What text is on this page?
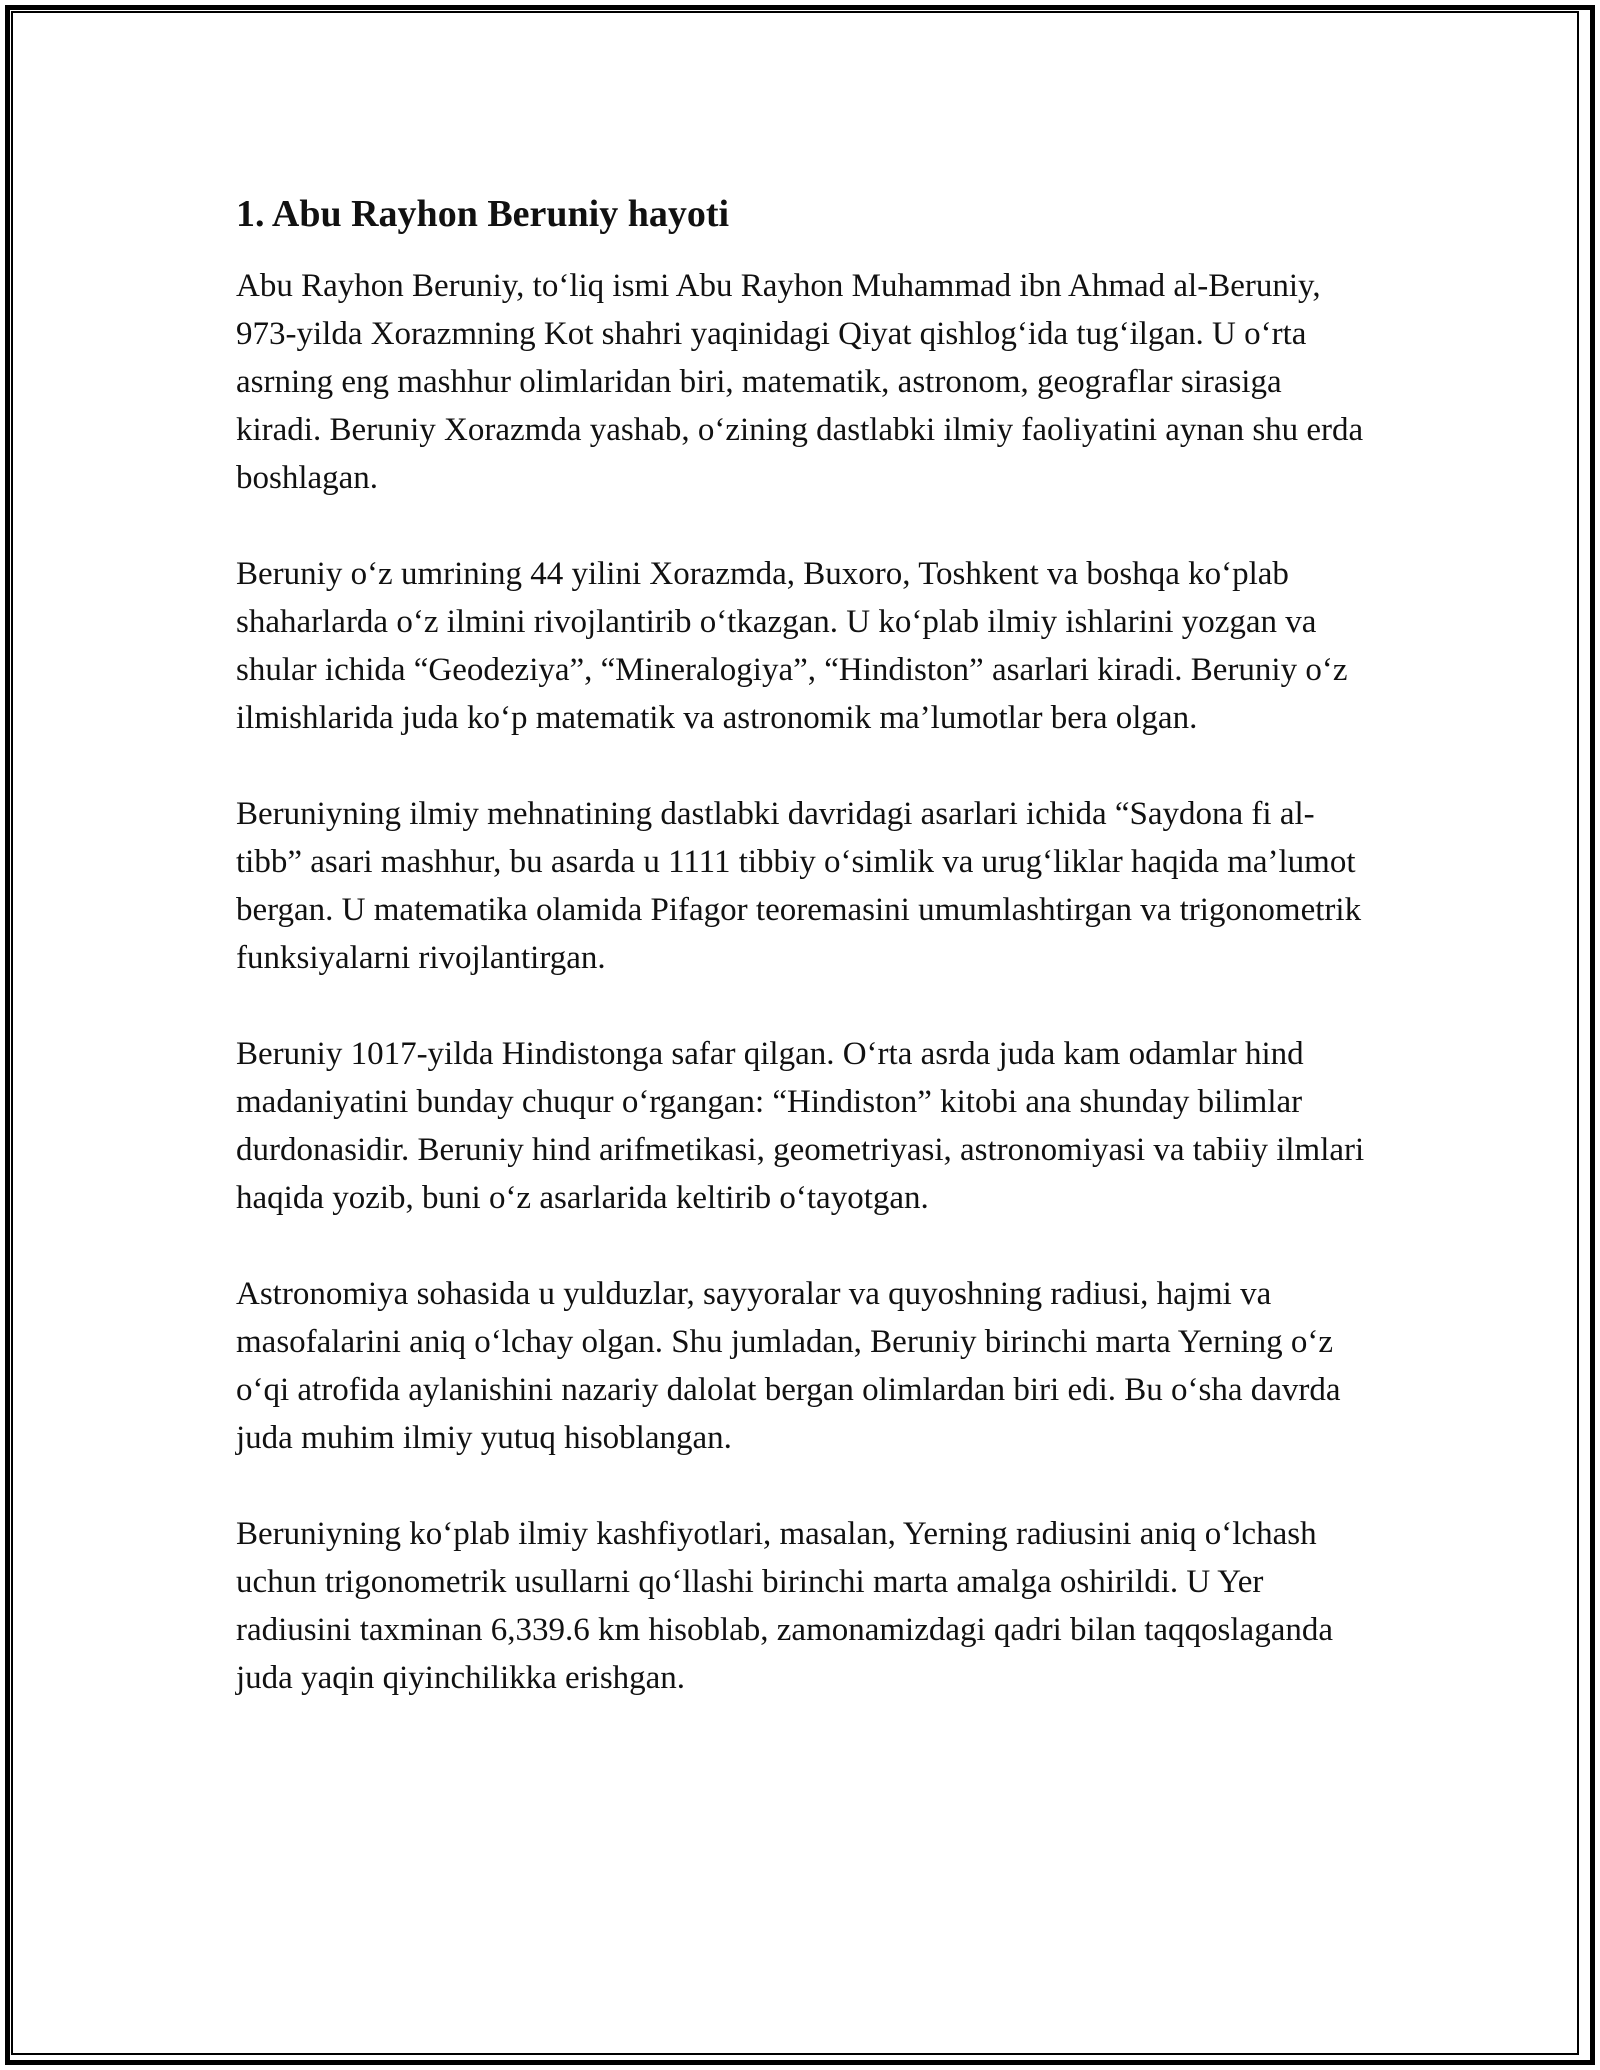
1. Abu Rayhon Beruniy hayoti

Abu Rayhon Beruniy, to‘liq ismi Abu Rayhon Muhammad ibn Ahmad al-Beruniy, 973-yilda Xorazmning Kot shahri yaqinidagi Qiyat qishlog‘ida tug‘ilgan. U o‘rta asrning eng mashhur olimlaridan biri, matematik, astronom, geograflar sirasiga kiradi. Beruniy Xorazmda yashab, o‘zining dastlabki ilmiy faoliyatini aynan shu erda boshlagan.

Beruniy o‘z umrining 44 yilini Xorazmda, Buxoro, Toshkent va boshqa ko‘plab shaharlarda o‘z ilmini rivojlantirib o‘tkazgan. U ko‘plab ilmiy ishlarini yozgan va shular ichida “Geodeziya”, “Mineralogiya”, “Hindiston” asarlari kiradi. Beruniy o‘z ilmishlarida juda ko‘p matematik va astronomik ma’lumotlar bera olgan.

Beruniyning ilmiy mehnatining dastlabki davridagi asarlari ichida “Saydona fi al-tibb” asari mashhur, bu asarda u 1111 tibbiy o‘simlik va urug‘liklar haqida ma’lumot bergan. U matematika olamida Pifagor teoremasini umumlashtirgan va trigonometrik funksiyalarni rivojlantirgan.

Beruniy 1017-yilda Hindistonga safar qilgan. O‘rta asrda juda kam odamlar hind madaniyatini bunday chuqur o‘rgangan: “Hindiston” kitobi ana shunday bilimlar durdonasidir. Beruniy hind arifmetikasi, geometriyasi, astronomiyasi va tabiiy ilmlari haqida yozib, buni o‘z asarlarida keltirib o‘tayotgan.

Astronomiya sohasida u yulduzlar, sayyoralar va quyoshning radiusi, hajmi va masofalarini aniq o‘lchay olgan. Shu jumladan, Beruniy birinchi marta Yerning o‘z o‘qi atrofida aylanishini nazariy dalolat bergan olimlardan biri edi. Bu o‘sha davrda juda muhim ilmiy yutuq hisoblangan.

Beruniyning ko‘plab ilmiy kashfiyotlari, masalan, Yerning radiusini aniq o‘lchash uchun trigonometrik usullarni qo‘llashi birinchi marta amalga oshirildi. U Yer radiusini taxminan 6,339.6 km hisoblab, zamonamizdagi qadri bilan taqqoslaganda juda yaqin qiyinchilikka erishgan.
